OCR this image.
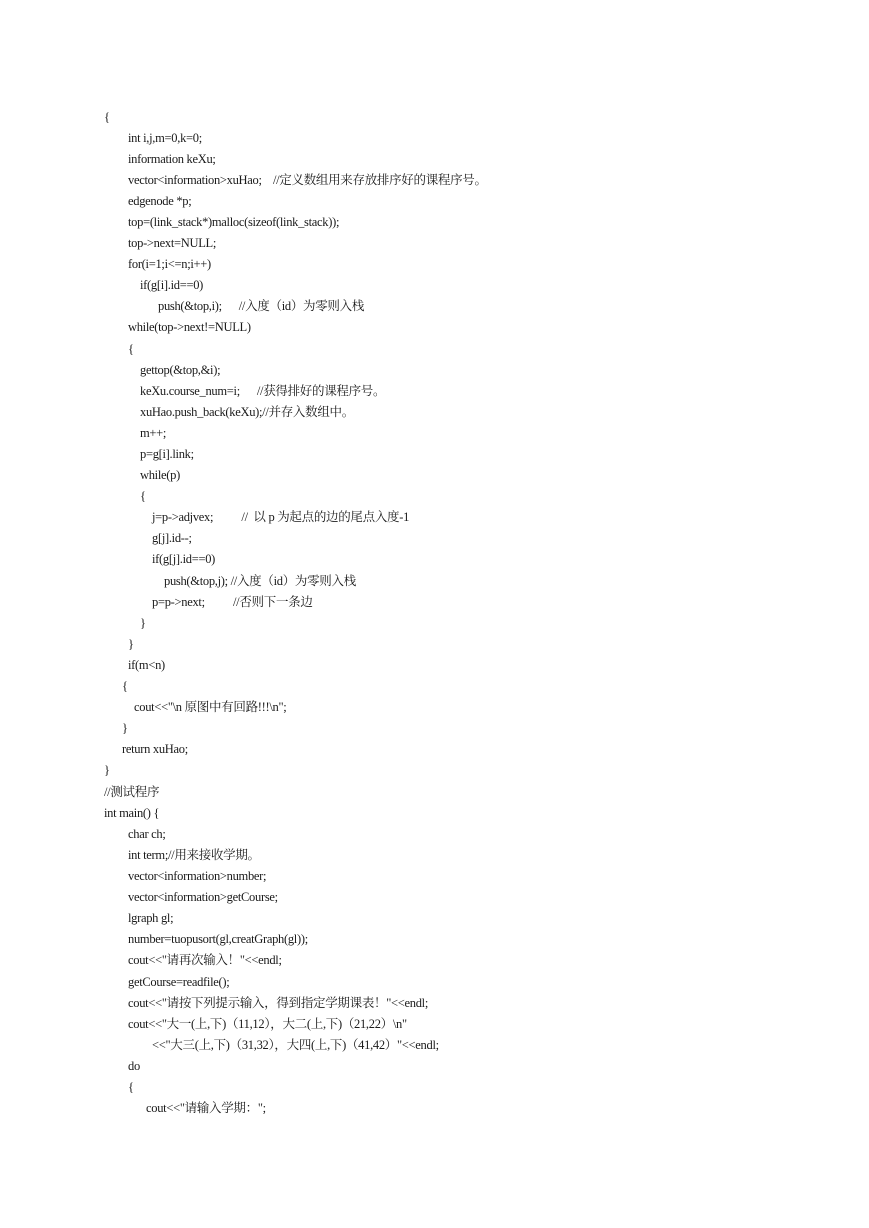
{
int i,j,m=0,k=0;
information keXu;
vector<information>xuHao;    //定义数组用来存放排序好的课程序号。
edgenode *p;
top=(link_stack*)malloc(sizeof(link_stack));
top->next=NULL;
for(i=1;i<=n;i++)
if(g[i].id==0)
push(&top,i);      //入度（id）为零则入栈
while(top->next!=NULL)
{
gettop(&top,&i);
keXu.course_num=i;      //获得排好的课程序号。
xuHao.push_back(keXu);//并存入数组中。
m++;
p=g[i].link;
while(p)
{
j=p->adjvex;          //  以 p 为起点的边的尾点入度-1
g[j].id--;
if(g[j].id==0)
push(&top,j); //入度（id）为零则入栈
p=p->next;          //否则下一条边
}
}
if(m<n)
{
cout<<"\n 原图中有回路!!!\n";
}
return xuHao;
}
//测试程序
int main() {
char ch;
int term;//用来接收学期。
vector<information>number;
vector<information>getCourse;
lgraph gl;
number=tuopusort(gl,creatGraph(gl));
cout<<"请再次输入！"<<endl;
getCourse=readfile();
cout<<"请按下列提示输入，得到指定学期课表！"<<endl;
cout<<"大一(上,下)（11,12），大二(上,下)（21,22）\n"
<<"大三(上,下)（31,32），大四(上,下)（41,42）"<<endl;
do
{
cout<<"请输入学期：";
